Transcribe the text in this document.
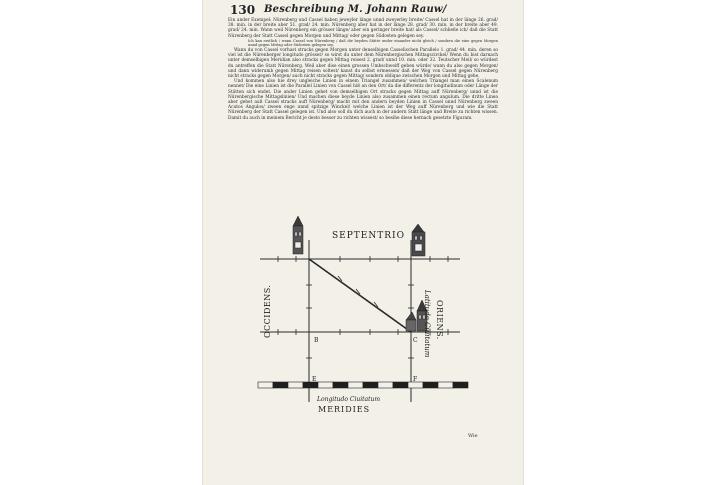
130 Beschreibung M. Johann Rauw/
Ein ander Exempel: Nürenberg und Cassel haben jeweyler länge unnd zweyerley breite/ Cassel hat in der länge 26. grad/ 38. min. in der breite aber 51. grad/ 24. min. Nürenberg aber hat in der länge 28. grad/ 30. min. in der breite aber 49. grad/ 24. min. Wann weil Nürenberg ein grösser länge/ aber ein geringer breite hat/ als Cassel/ schließe ich/ daß die Statt Nürenberg der Statt Cassel gegen Morgen und Mittag/ oder gegen Südosten gelegen sey.
Ich kan erstlich / wann Cassel von Nürenberg / daß die beyden Stätte under einander nicht gleich / sondern die eine gegen Morgen unnd gegen Mittag oder Südosten gelegen sey.
Wann du von Cassel vorhast stracks gegen Morgen unter denselbigen Casselischen Parallelo 1. grad/ 44. min. deren so viel ist die Nürenberger longitudo grösser/ so wirst du unter dem Nürenbergischen Mittagscirckel/ Wenn du bist darnach unter demselbigen Meridian also stracks gegen Mittag reisest 2. grad/ unnd 10. min. oder 32. Teutscher Meil/ so würdest du antreffen die Statt Nürenberg. Weil aber dise einen grossen Umbschweiff geben würde/ wann du also gegen Morgen/ und dann widerumb gegen Mittag reisen soltest/ kanst du selbst ermessen/ daß der Weg von Cassel gegen Nürenberg nicht stracks gegen Morgen/ auch nicht stracks gegen Mittag/ sondern oblique zwischen Morgen und Mittag gehe.
Und kommen also hie drey ungleiche Linien in einem Triangel zusammen/ welchen Triangel man einen Scalenum nennet/ Die eine Linien ist die Parallel Linien von Cassel biß an den Ort/ da die differentz der longitudinum oder Länge der Stätten sich endet. Die ander Linien gehet von demselbigen Ort stracks gegen Mittag auff Nürenberg/ unnd ist die Nürenbergische Mittagslinien/ Und machen diese beyde Linien also zusammen einen rectum angulum. Die dritte Linea aber gehet auß Cassel stracks auff Nürenberg/ macht mit den andern beyden Linien in Cassel unnd Nürenberg zween Acutos Angulos/ zween enge unnd spitzige Winckel/ welche Linien ist der Weg auff Nürenberg und wie die Statt Nürenberg der Statt Cassel gelegen ist. Und also soll du dich auch in der andern Stätt länge und Breite zu richten wissen. Damit du auch in meinem Bericht je desto besser zu richten wissest/ so besihe diese hernach gesetzte Figuram.
SEPTENTRIO
MERIDIES
OCCIDENS.	ORIENS.
Latitudo Ciuitatum
Longitudo Ciuitatum
B	C
E	F
Wie
